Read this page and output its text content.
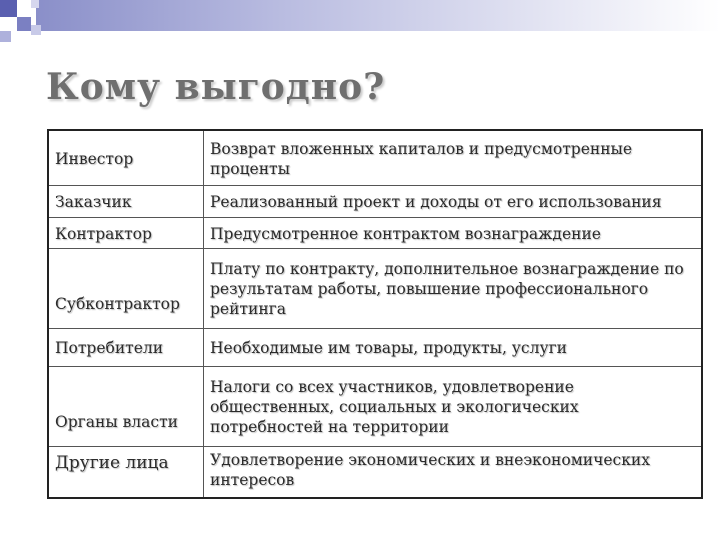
Кому выгодно?
Инвестор	Возврат вложенных капиталов и предусмотренные проценты
Заказчик	Реализованный проект и доходы от его использования
Контрактор	Предусмотренное контрактом вознаграждение
Субконтрактор	Плату по контракту, дополнительное вознаграждение по результатам работы, повышение профессионального рейтинга
Потребители	Необходимые им товары, продукты, услуги
Органы власти	Налоги со всех участников, удовлетворение общественных, социальных и экологических потребностей на территории
Другие лица	Удовлетворение экономических и внеэкономических интересов
